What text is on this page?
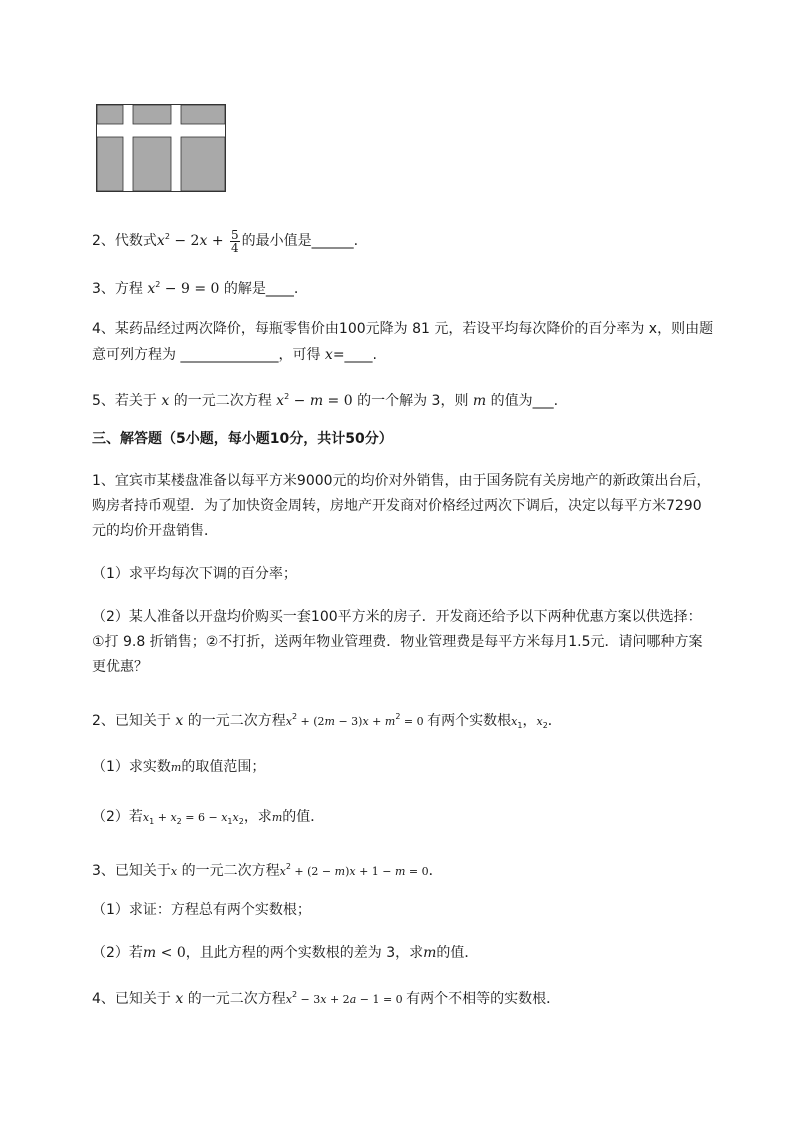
2、代数式$x^2 - 2x + \frac{5}{4}$ 的最小值是______.
3、方程 $x^2 - 9 = 0$ 的解是____.
4、某药品经过两次降价，每瓶零售价由100元降为 81 元，若设平均每次降价的百分率为 x，则由题
意可列方程为 ______________，可得 x=____.
5、若关于 x 的一元二次方程 $x^2 - m = 0$ 的一个解为 3，则 m 的值为___.
三、解答题（5小题，每小题10分，共计50分）
1、宜宾市某楼盘准备以每平方米9000元的均价对外销售，由于国务院有关房地产的新政策出台后，
购房者持币观望．为了加快资金周转，房地产开发商对价格经过两次下调后，决定以每平方米7290
元的均价开盘销售．
（1）求平均每次下调的百分率；
（2）某人准备以开盘均价购买一套100平方米的房子．开发商还给予以下两种优惠方案以供选择：
①打 9.8 折销售；②不打折，送两年物业管理费．物业管理费是每平方米每月1.5元．请问哪种方案
更优惠？
2、已知关于 x 的一元二次方程$x^2 + (2m - 3)x + m^2 = 0$ 有两个实数根$x_1$，$x_2$．
（1）求实数m的取值范围；
（2）若$x_1 + x_2 = 6 - x_1x_2$，求m的值．
3、已知关于x 的一元二次方程$x^2 + (2 - m)x + 1 - m = 0$．
（1）求证：方程总有两个实数根；
（2）若m < 0，且此方程的两个实数根的差为 3，求m的值．
4、已知关于 x 的一元二次方程$x^2 - 3x + 2a - 1 = 0$ 有两个不相等的实数根．
